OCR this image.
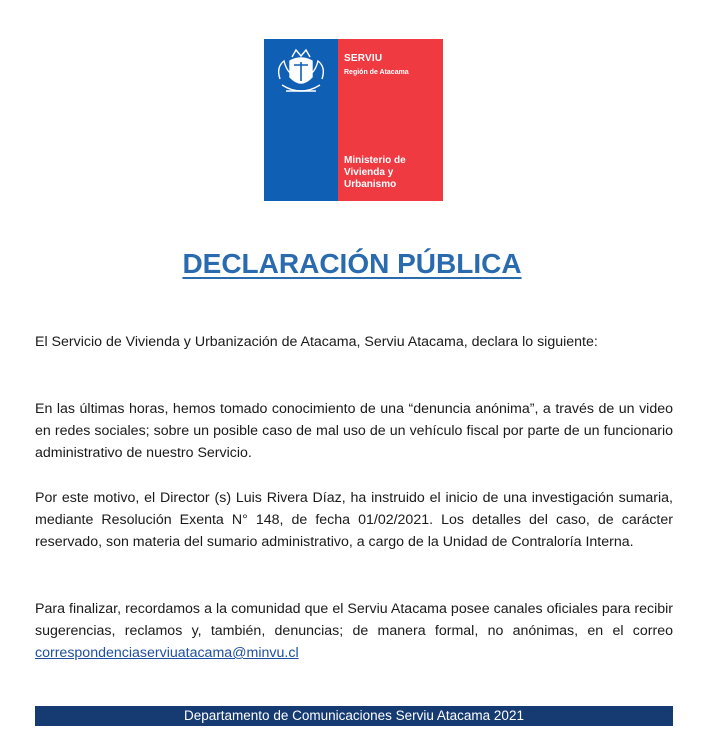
SERVIU
Región de Atacama
Ministerio de Vivienda y Urbanismo
DECLARACIÓN PÚBLICA

El Servicio de Vivienda y Urbanización de Atacama, Serviu Atacama, declara lo siguiente:

En las últimas horas, hemos tomado conocimiento de una “denuncia anónima”, a través de un video en redes sociales; sobre un posible caso de mal uso de un vehículo fiscal por parte de un funcionario administrativo de nuestro Servicio.

Por este motivo, el Director (s) Luis Rivera Díaz, ha instruido el inicio de una investigación sumaria, mediante Resolución Exenta N° 148, de fecha 01/02/2021. Los detalles del caso, de carácter reservado, son materia del sumario administrativo, a cargo de la Unidad de Contraloría Interna.

Para finalizar, recordamos a la comunidad que el Serviu Atacama posee canales oficiales para recibir sugerencias, reclamos y, también, denuncias; de manera formal, no anónimas, en el correo correspondenciaserviuatacama@minvu.cl

Departamento de Comunicaciones Serviu Atacama 2021
